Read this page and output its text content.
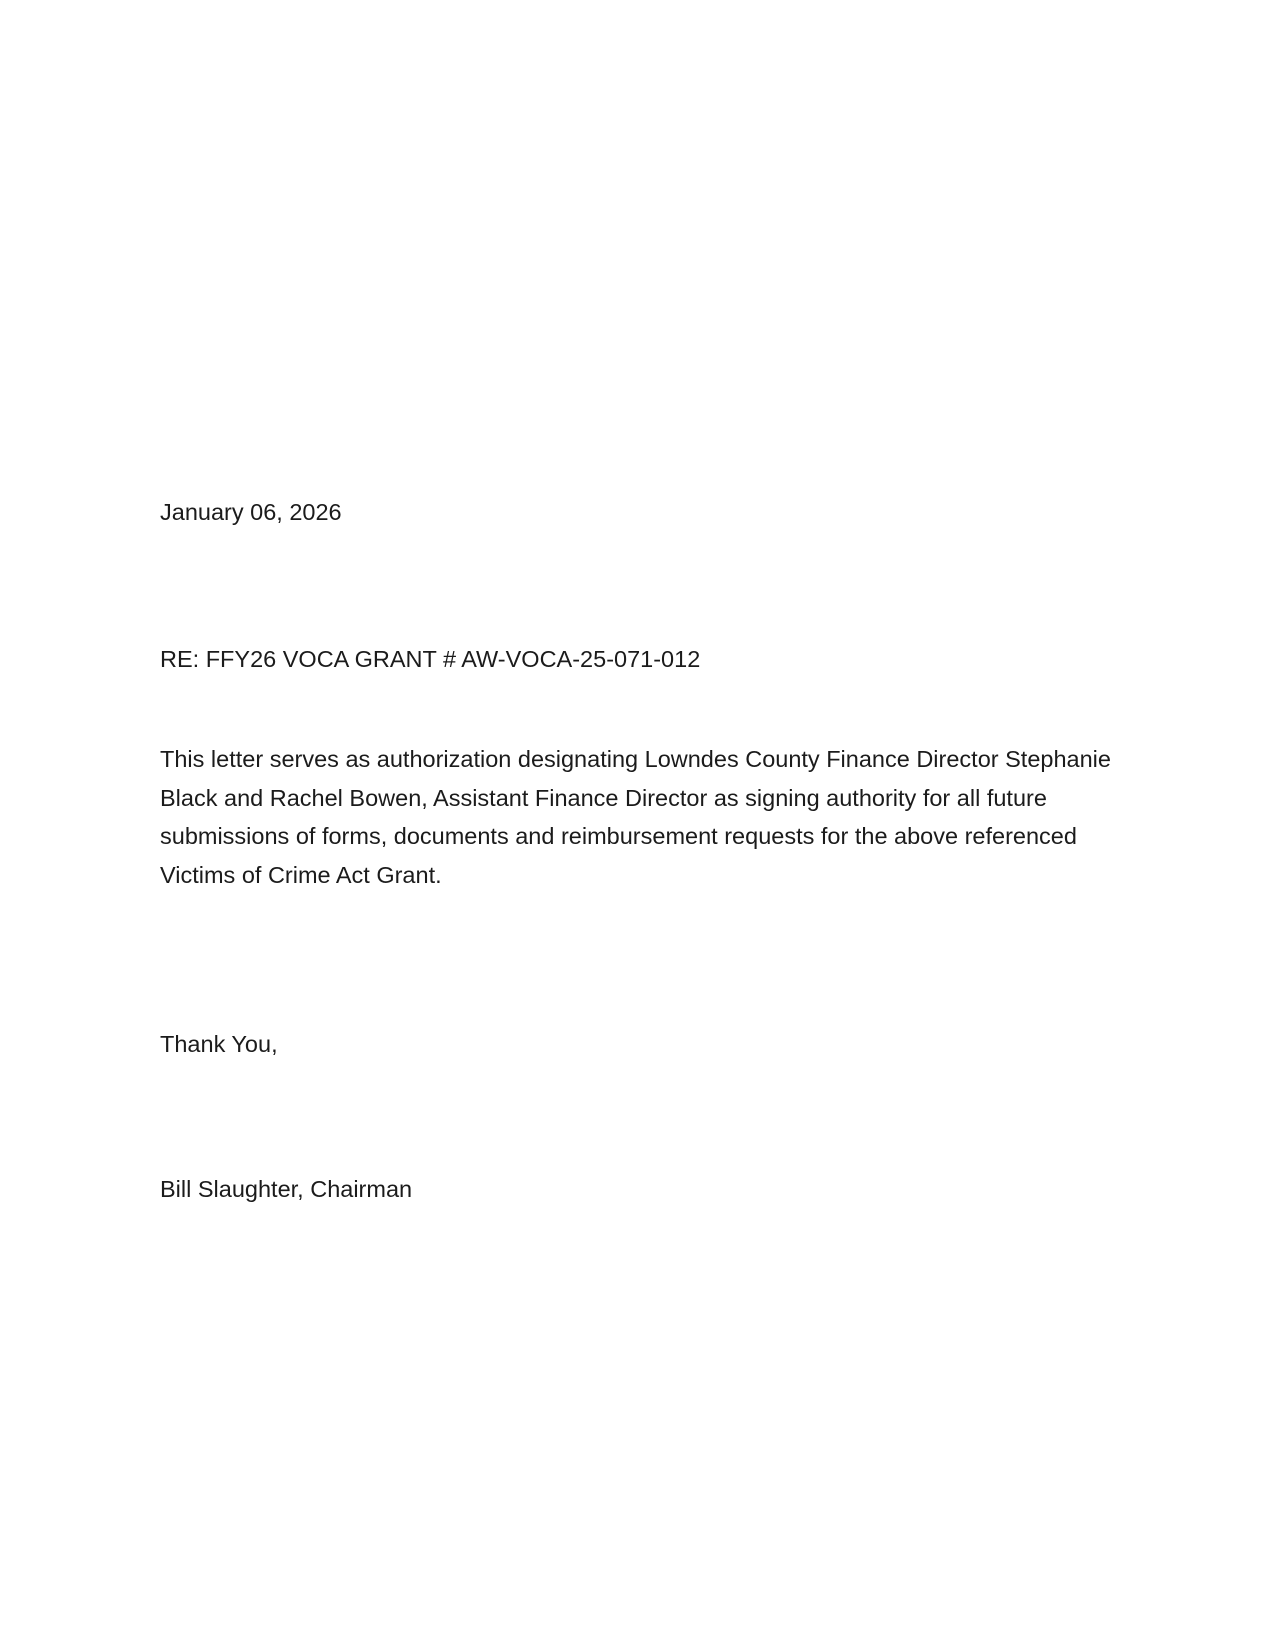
January 06, 2026
RE: FFY26 VOCA GRANT # AW-VOCA-25-071-012
This letter serves as authorization designating Lowndes County Finance Director Stephanie
Black and Rachel Bowen, Assistant Finance Director as signing authority for all future
submissions of forms, documents and reimbursement requests for the above referenced
Victims of Crime Act Grant.
Thank You,
Bill Slaughter, Chairman
